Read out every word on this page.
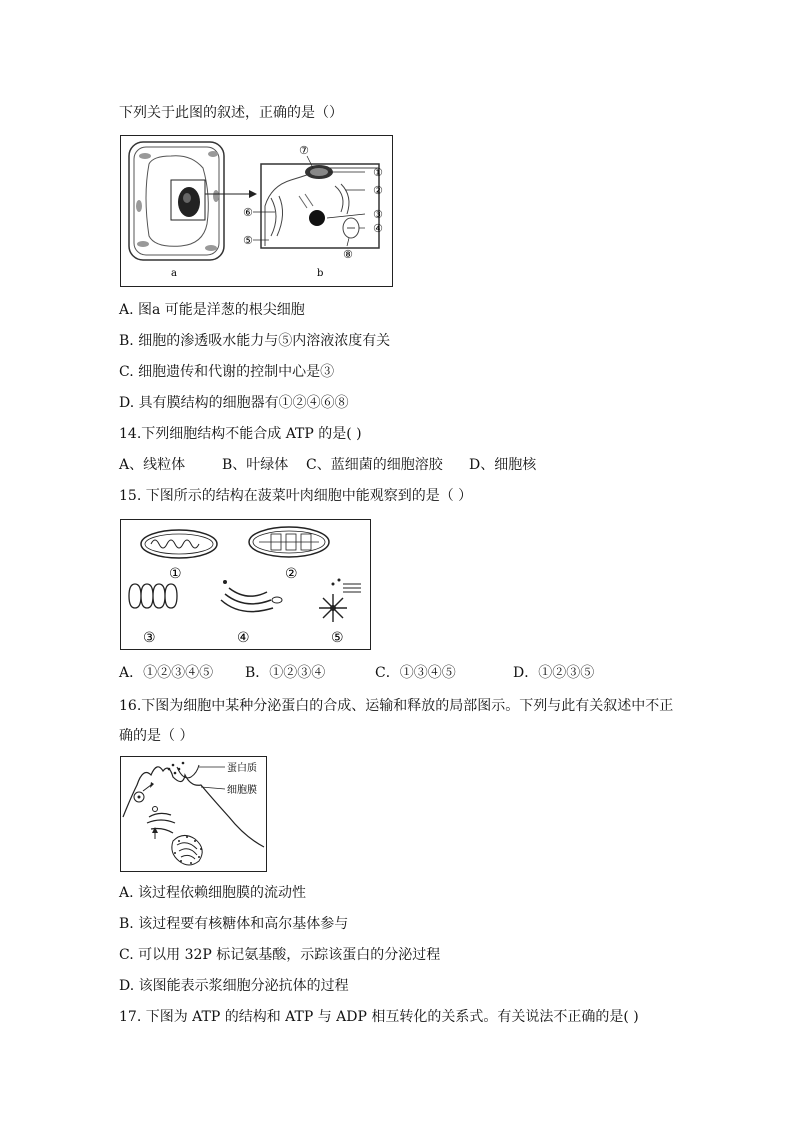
下列关于此图的叙述，正确的是（）
①
②
③
④
⑤
⑥
⑦
⑧
a	b
A. 图a 可能是洋葱的根尖细胞
B. 细胞的渗透吸水能力与⑤内溶液浓度有关
C. 细胞遗传和代谢的控制中心是③
D. 具有膜结构的细胞器有①②④⑥⑧
14.下列细胞结构不能合成 ATP 的是( )
A、线粒体	B、叶绿体 C、蓝细菌的细胞溶胶 D、细胞核
15. 下图所示的结构在菠菜叶肉细胞中能观察到的是（ ）
①	②
③	④	⑤
A．①②③④⑤ B．①②③④	C．①③④⑤	D．①②③⑤
16.下图为细胞中某种分泌蛋白的合成、运输和释放的局部图示。下列与此有关叙述中不正
确的是（ ）
蛋白质
细胞膜
A. 该过程依赖细胞膜的流动性
B. 该过程要有核糖体和高尔基体参与
C. 可以用 32P 标记氨基酸，示踪该蛋白的分泌过程
D. 该图能表示浆细胞分泌抗体的过程
17. 下图为 ATP 的结构和 ATP 与 ADP 相互转化的关系式。有关说法不正确的是( )
